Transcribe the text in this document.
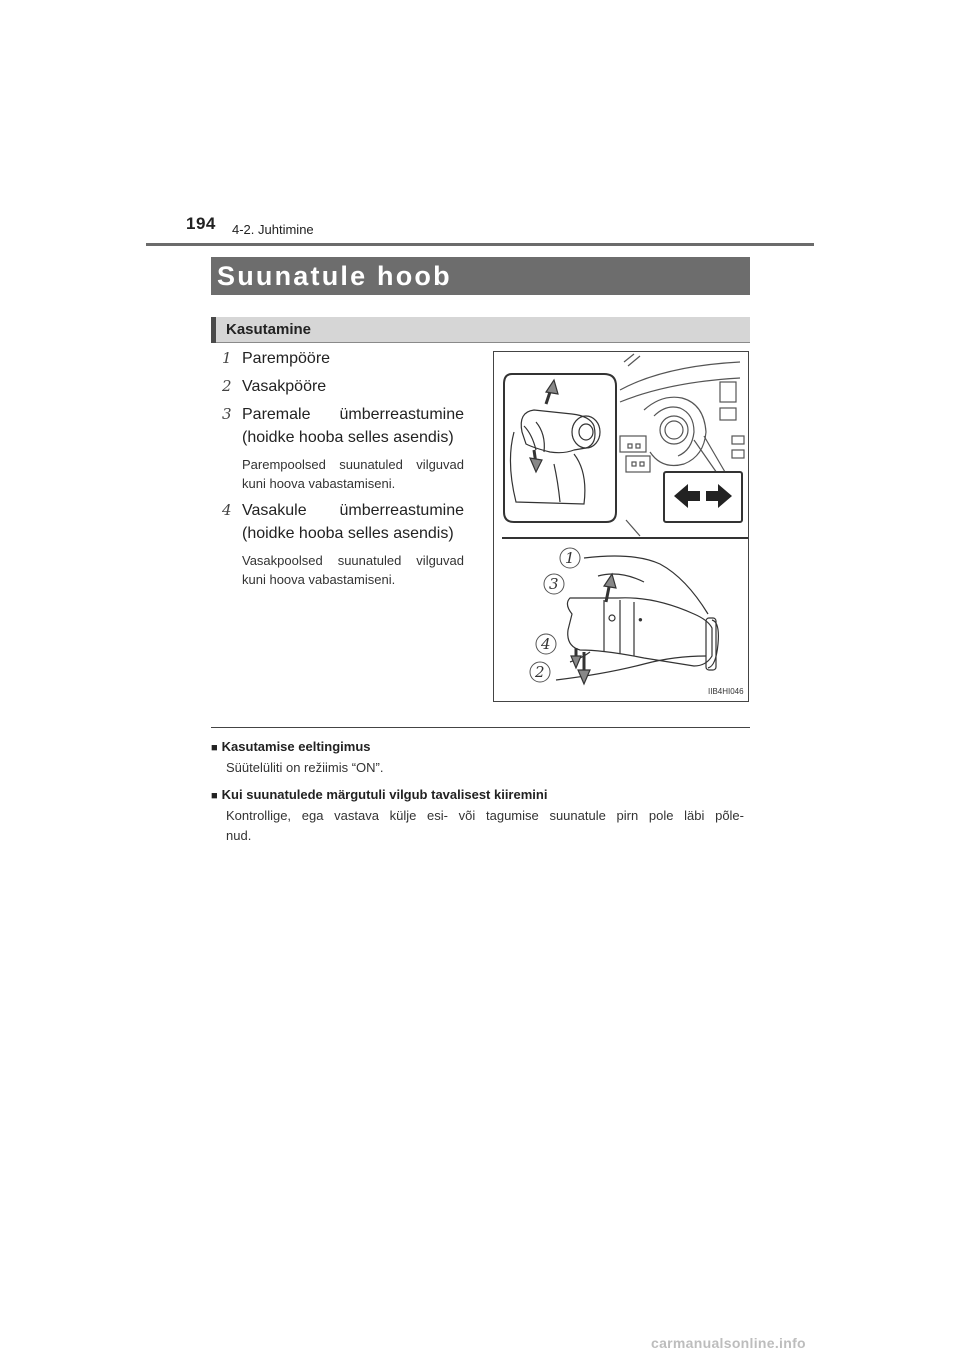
194 4-2. Juhtimine
Suunatule hoob
Kasutamine
1 Parempööre
2 Vasakpööre
3 Paremale ümberreastumine
(hoidke hooba selles asendis)
Parempoolsed suunatuled vilguvad
kuni hoova vabastamiseni.
4 Vasakule ümberreastumine
(hoidke hooba selles asendis)
Vasakpoolsed suunatuled vilguvad
kuni hoova vabastamiseni.
●
1
3
4
2
IIB4HI046
■ Kasutamise eeltingimus
Süütelüliti on režiimis “ON”.
■ Kui suunatulede märgutuli vilgub tavalisest kiiremini
Kontrollige, ega vastava külje esi- või tagumise suunatule pirn pole läbi põle-
nud.
carmanualsonline.info
